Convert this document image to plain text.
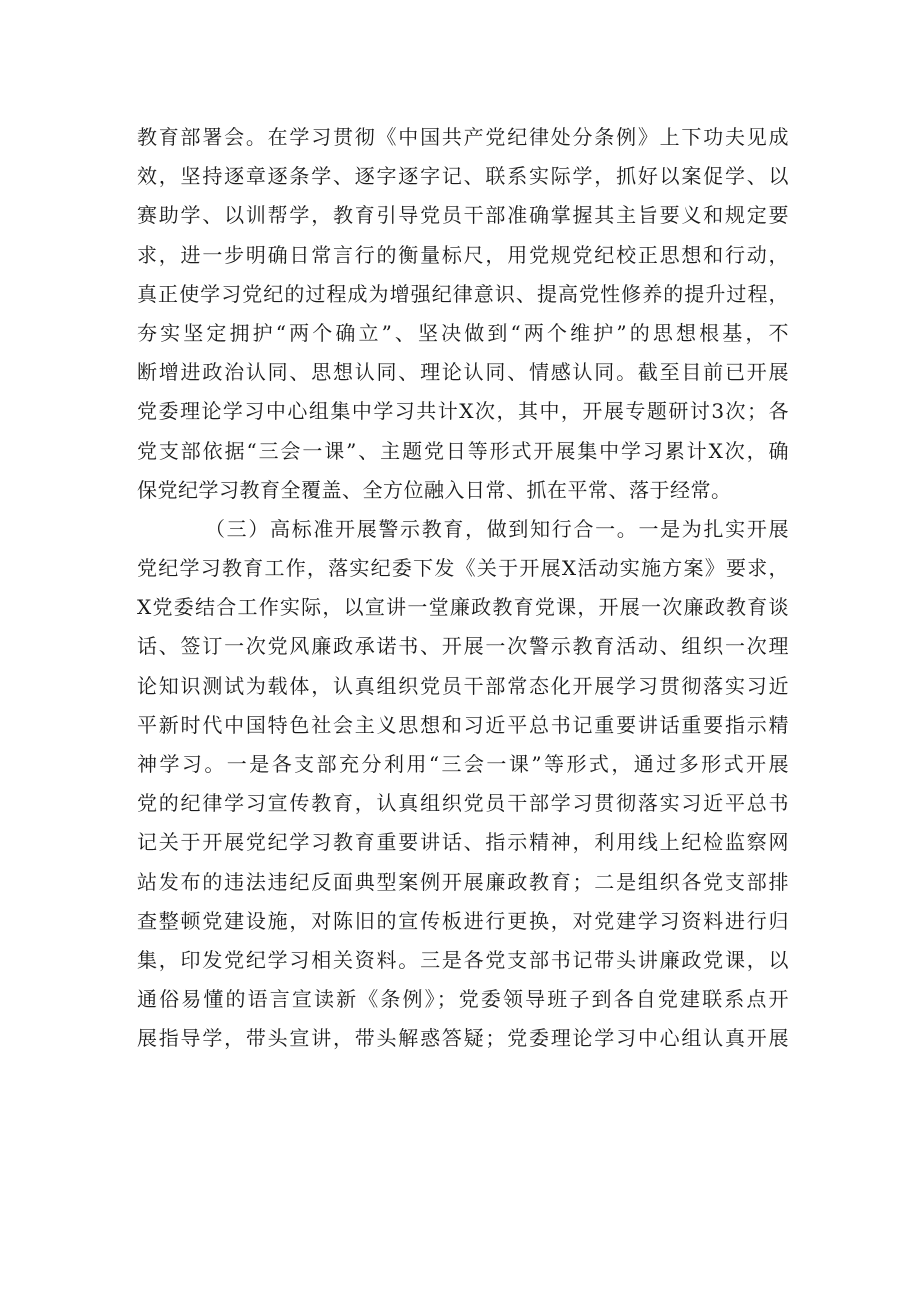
教育部署会。在学习贯彻《中国共产党纪律处分条例》上下功夫见成
效，坚持逐章逐条学、逐字逐字记、联系实际学，抓好以案促学、以
赛助学、以训帮学，教育引导党员干部准确掌握其主旨要义和规定要
求，进一步明确日常言行的衡量标尺，用党规党纪校正思想和行动，
真正使学习党纪的过程成为增强纪律意识、提高党性修养的提升过程，
夯实坚定拥护“两个确立”、坚决做到“两个维护”的思想根基，不
断增进政治认同、思想认同、理论认同、情感认同。截至目前已开展
党委理论学习中心组集中学习共计X次，其中，开展专题研讨3次；各
党支部依据“三会一课”、主题党日等形式开展集中学习累计X次，确
保党纪学习教育全覆盖、全方位融入日常、抓在平常、落于经常。
（三）高标准开展警示教育，做到知行合一。一是为扎实开展
党纪学习教育工作，落实纪委下发《关于开展X活动实施方案》要求，
X党委结合工作实际，以宣讲一堂廉政教育党课，开展一次廉政教育谈
话、签订一次党风廉政承诺书、开展一次警示教育活动、组织一次理
论知识测试为载体，认真组织党员干部常态化开展学习贯彻落实习近
平新时代中国特色社会主义思想和习近平总书记重要讲话重要指示精
神学习。一是各支部充分利用“三会一课”等形式，通过多形式开展
党的纪律学习宣传教育，认真组织党员干部学习贯彻落实习近平总书
记关于开展党纪学习教育重要讲话、指示精神，利用线上纪检监察网
站发布的违法违纪反面典型案例开展廉政教育；二是组织各党支部排
查整顿党建设施，对陈旧的宣传板进行更换，对党建学习资料进行归
集，印发党纪学习相关资料。三是各党支部书记带头讲廉政党课，以
通俗易懂的语言宣读新《条例》；党委领导班子到各自党建联系点开
展指导学，带头宣讲，带头解惑答疑；党委理论学习中心组认真开展
